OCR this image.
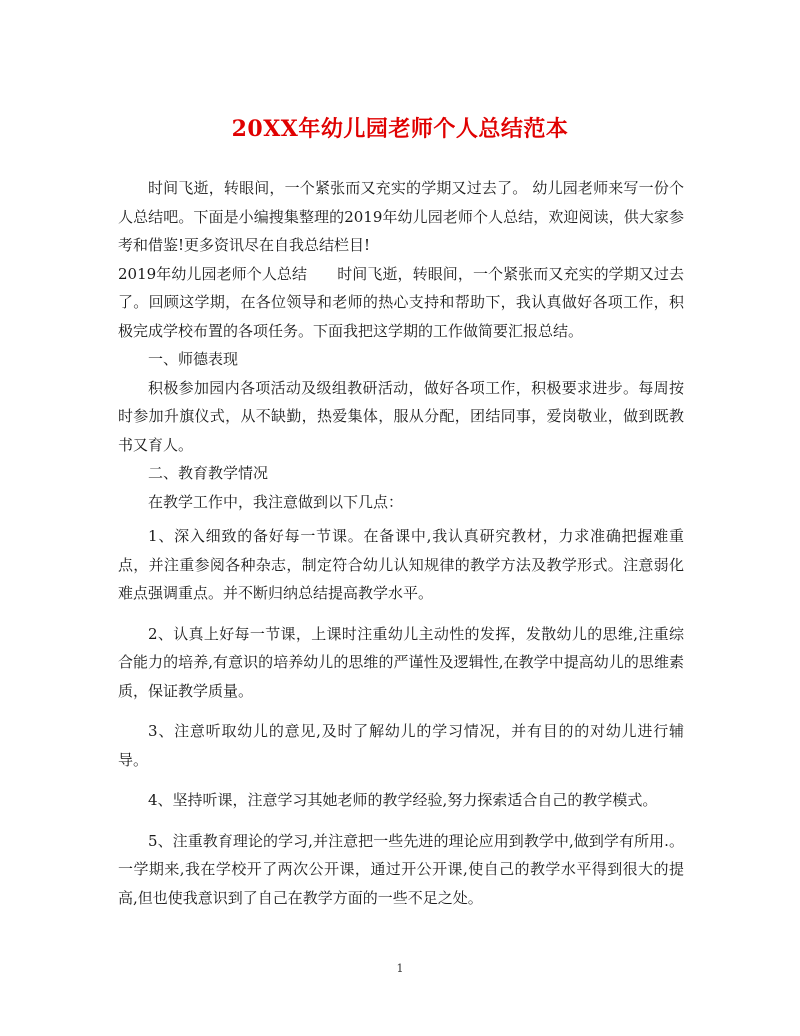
20XX年幼儿园老师个人总结范本

时间飞逝，转眼间，一个紧张而又充实的学期又过去了。 幼儿园老师来写一份个人总结吧。下面是小编搜集整理的2019年幼儿园老师个人总结，欢迎阅读，供大家参考和借鉴!更多资讯尽在自我总结栏目!

2019年幼儿园老师个人总结　　时间飞逝，转眼间，一个紧张而又充实的学期又过去了。回顾这学期，在各位领导和老师的热心支持和帮助下，我认真做好各项工作，积极完成学校布置的各项任务。下面我把这学期的工作做简要汇报总结。

一、师德表现

积极参加园内各项活动及级组教研活动，做好各项工作，积极要求进步。每周按时参加升旗仪式，从不缺勤，热爱集体，服从分配，团结同事，爱岗敬业，做到既教书又育人。

二、教育教学情况

在教学工作中，我注意做到以下几点：

1、深入细致的备好每一节课。在备课中,我认真研究教材，力求准确把握难重点，并注重参阅各种杂志，制定符合幼儿认知规律的教学方法及教学形式。注意弱化难点强调重点。并不断归纳总结提高教学水平。

2、认真上好每一节课，上课时注重幼儿主动性的发挥，发散幼儿的思维,注重综合能力的培养,有意识的培养幼儿的思维的严谨性及逻辑性,在教学中提高幼儿的思维素质，保证教学质量。

3、注意听取幼儿的意见,及时了解幼儿的学习情况，并有目的的对幼儿进行辅导。

4、坚持听课，注意学习其她老师的教学经验,努力探索适合自己的教学模式。

5、注重教育理论的学习,并注意把一些先进的理论应用到教学中,做到学有所用.。一学期来,我在学校开了两次公开课，通过开公开课,使自己的教学水平得到很大的提高,但也使我意识到了自己在教学方面的一些不足之处。

1
